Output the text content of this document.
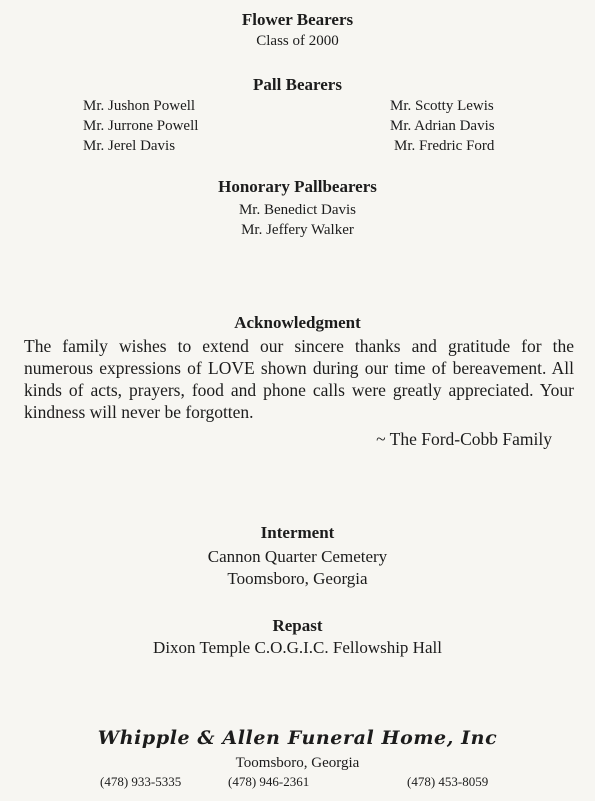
Flower Bearers
Class of 2000
Pall Bearers
Mr. Jushon Powell
Mr. Jurrone Powell
Mr. Jerel Davis
Mr. Scotty Lewis
Mr. Adrian Davis
Mr. Fredric Ford
Honorary Pallbearers
Mr. Benedict Davis
Mr. Jeffery Walker
Acknowledgment

The family wishes to extend our sincere thanks and gratitude for the numerous expressions of LOVE shown during our time of bereavement. All kinds of acts, prayers, food and phone calls were greatly appreciated. Your kindness will never be forgotten.

~ The Ford-Cobb Family
Interment
Cannon Quarter Cemetery
Toomsboro, Georgia
Repast
Dixon Temple C.O.G.I.C. Fellowship Hall
Whipple & Allen Funeral Home, Inc
Toomsboro, Georgia
(478) 933-5335	(478) 946-2361	(478) 453-8059
